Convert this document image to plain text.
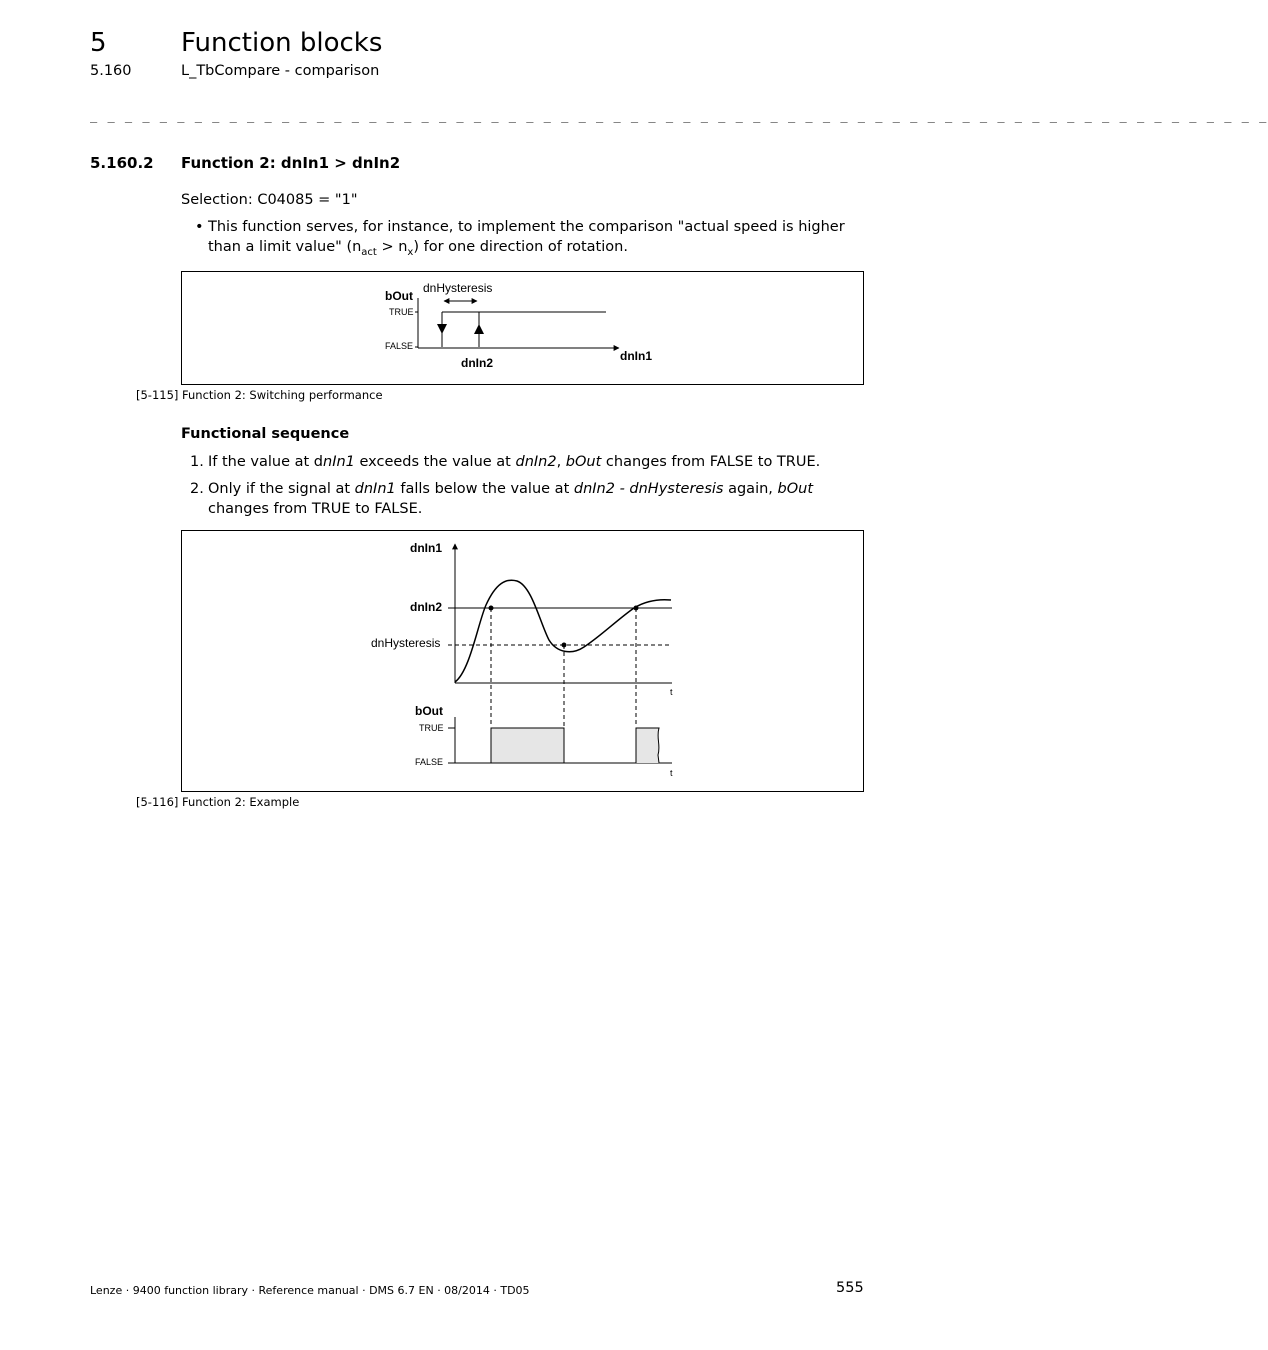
5	Function blocks
5.160	L_TbCompare - comparison
_ _ _ _ _ _ _ _ _ _ _ _ _ _ _ _ _ _ _ _ _ _ _ _ _ _ _ _ _ _ _ _ _ _ _ _ _ _ _ _ _ _ _ _ _ _ _ _ _ _ _ _ _ _ _ _ _ _ _ _ _ _ _ _ _ _ _ _
5.160.2 Function 2: dnIn1 > dnIn2
Selection: C04085 = "1"
• This function serves, for instance, to implement the comparison "actual speed is higher than a limit value" $(n_{act} > n_x)$ for one direction of rotation.
bOut
dnHysteresis
TRUE
FALSE
dnIn2	dnIn1
[5-115] Function 2: Switching performance
Functional sequence
1. If the value at dnIn1 exceeds the value at dnIn2, bOut changes from FALSE to TRUE.
2. Only if the signal at dnIn1 falls below the value at dnIn2 - dnHysteresis again, bOut changes from TRUE to FALSE.
dnIn1
dnIn2
dnHysteresis
t
bOut
TRUE
FALSE
t
[5-116] Function 2: Example
Lenze · 9400 function library · Reference manual · DMS 6.7 EN · 08/2014 · TD05	555
